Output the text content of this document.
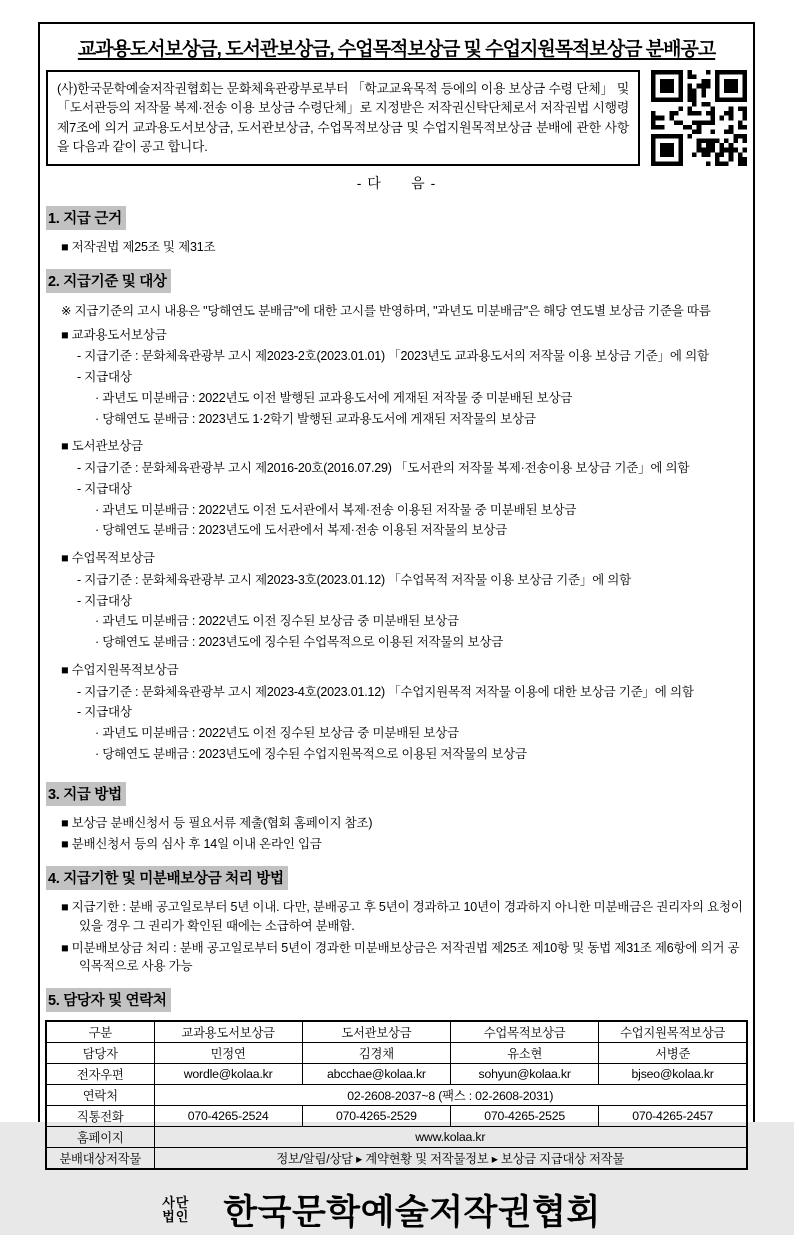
교과용도서보상금, 도서관보상금, 수업목적보상금 및 수업지원목적보상금 분배공고
(사)한국문학예술저작권협회는 문화체육관광부로부터 「학교교육목적 등에의 이용 보상금 수령 단체」 및 「도서관등의 저작물 복제·전송 이용 보상금 수령단체」로 지정받은 저작권신탁단체로서 저작권법 시행령 제7조에 의거 교과용도서보상금, 도서관보상금, 수업목적보상금 및 수업지원목적보상금 분배에 관한 사항을 다음과 같이 공고 합니다.
- 다      음 -
1. 지급 근거

■ 저작권법 제25조 및 제31조

2. 지급기준 및 대상

※ 지급기준의 고시 내용은 "당해연도 분배금"에 대한 고시를 반영하며, "과년도 미분배금"은 해당 연도별 보상금 기준을 따름

■ 교과용도서보상금

- 지급기준 : 문화체육관광부 고시 제2023-2호(2023.01.01) 「2023년도 교과용도서의 저작물 이용 보상금 기준」에 의함

- 지급대상

· 과년도 미분배금 : 2022년도 이전 발행된 교과용도서에 게재된 저작물 중 미분배된 보상금

· 당해연도 분배금 : 2023년도 1·2학기 발행된 교과용도서에 게재된 저작물의 보상금

■ 도서관보상금

- 지급기준 : 문화체육관광부 고시 제2016-20호(2016.07.29) 「도서관의 저작물 복제·전송이용 보상금 기준」에 의함

- 지급대상

· 과년도 미분배금 : 2022년도 이전 도서관에서 복제·전송 이용된 저작물 중 미분배된 보상금

· 당해연도 분배금 : 2023년도에 도서관에서 복제·전송 이용된 저작물의 보상금

■ 수업목적보상금

- 지급기준 : 문화체육관광부 고시 제2023-3호(2023.01.12) 「수업목적 저작물 이용 보상금 기준」에 의함

- 지급대상

· 과년도 미분배금 : 2022년도 이전 징수된 보상금 중 미분배된 보상금

· 당해연도 분배금 : 2023년도에 징수된 수업목적으로 이용된 저작물의 보상금

■ 수업지원목적보상금

- 지급기준 : 문화체육관광부 고시 제2023-4호(2023.01.12) 「수업지원목적 저작물 이용에 대한 보상금 기준」에 의함

- 지급대상

· 과년도 미분배금 : 2022년도 이전 징수된 보상금 중 미분배된 보상금

· 당해연도 분배금 : 2023년도에 징수된 수업지원목적으로 이용된 저작물의 보상금

3. 지급 방법

■ 보상금 분배신청서 등 필요서류 제출(협회 홈페이지 참조)

■ 분배신청서 등의 심사 후 14일 이내 온라인 입금

4. 지급기한 및 미분배보상금 처리 방법

■ 지급기한 : 분배 공고일로부터 5년 이내. 다만, 분배공고 후 5년이 경과하고 10년이 경과하지 아니한 미분배금은 권리자의 요청이 있을 경우 그 권리가 확인된 때에는 소급하여 분배함.

■ 미분배보상금 처리 : 분배 공고일로부터 5년이 경과한 미분배보상금은 저작권법 제25조 제10항 및 동법 제31조 제6항에 의거 공익목적으로 사용 가능

5. 담당자 및 연락처
구분	교과용도서보상금	도서관보상금	수업목적보상금	수업지원목적보상금
담당자	민정연	김경채	유소현	서병준
전자우편	wordle@kolaa.kr	abcchae@kolaa.kr	sohyun@kolaa.kr	bjseo@kolaa.kr
연락처	02-2608-2037~8 (팩스 : 02-2608-2031)			
직통전화	070-4265-2524	070-4265-2529	070-4265-2525	070-4265-2457
홈페이지	www.kolaa.kr			
분배대상저작물	정보/알림/상담 ▸ 계약현황 및 저작물정보 ▸ 보상금 지급대상 저작물			
사단
법인 한국문학예술저작권협회
